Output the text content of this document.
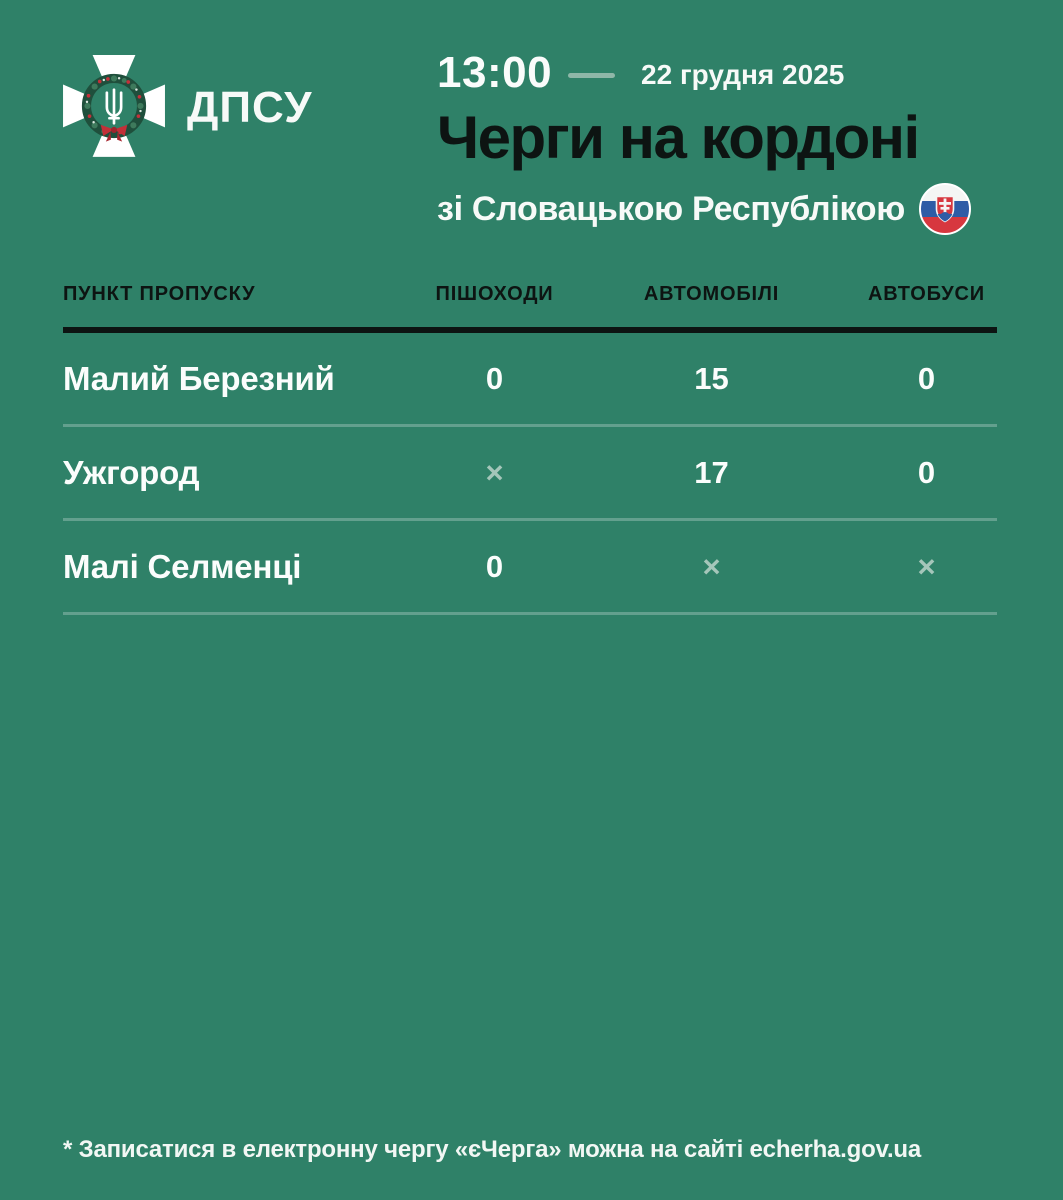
ДПСУ
13:00	22 грудня 2025
Черги на кордоні
зі Словацькою Республікою
ПУНКТ ПРОПУСКУ	ПІШОХОДИ	АВТОМОБІЛІ	АВТОБУСИ
Малий Березний	0	15	0
Ужгород	×	17	0
Малі Селменці	0	×	×
* Записатися в електронну чергу «єЧерга» можна на сайті echerha.gov.ua
